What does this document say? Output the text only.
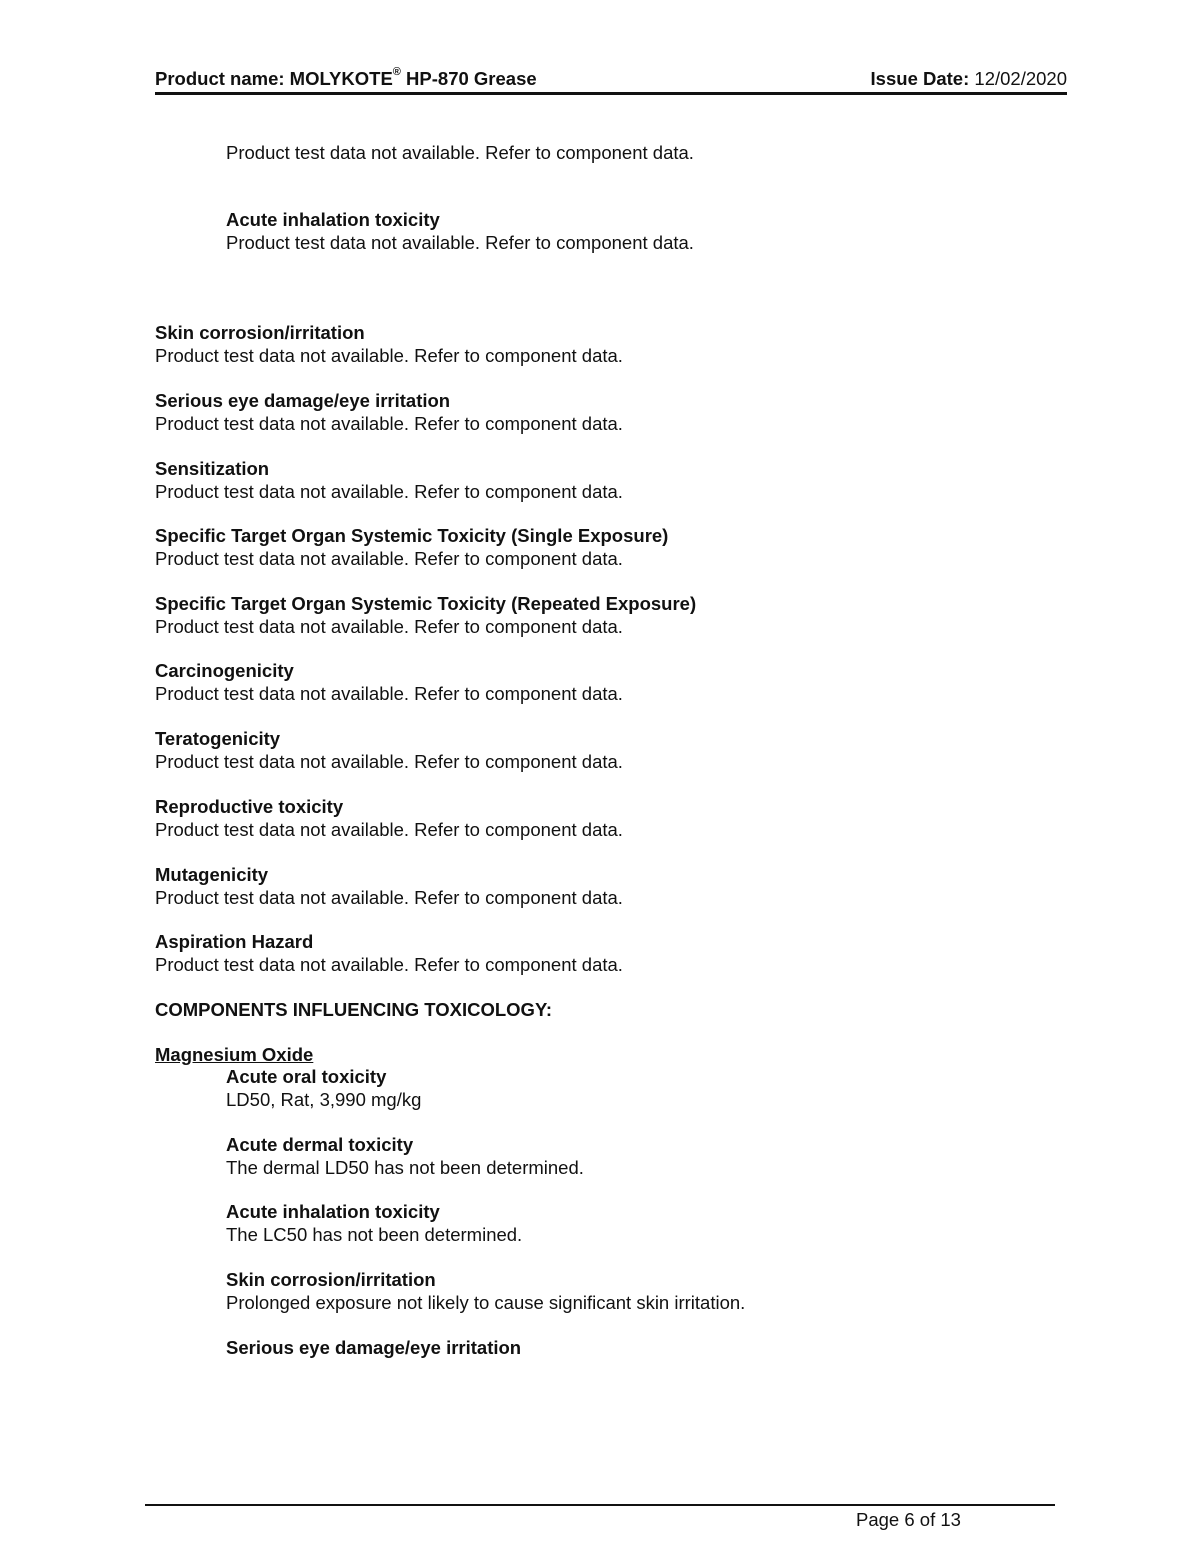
Product name: MOLYKOTE® HP-870 Grease	Issue Date: 12/02/2020
Product test data not available. Refer to component data.
Acute inhalation toxicity
Product test data not available. Refer to component data.
Skin corrosion/irritation
Product test data not available. Refer to component data.
Serious eye damage/eye irritation
Product test data not available. Refer to component data.
Sensitization
Product test data not available. Refer to component data.
Specific Target Organ Systemic Toxicity (Single Exposure)
Product test data not available. Refer to component data.
Specific Target Organ Systemic Toxicity (Repeated Exposure)
Product test data not available. Refer to component data.
Carcinogenicity
Product test data not available. Refer to component data.
Teratogenicity
Product test data not available. Refer to component data.
Reproductive toxicity
Product test data not available. Refer to component data.
Mutagenicity
Product test data not available. Refer to component data.
Aspiration Hazard
Product test data not available. Refer to component data.
COMPONENTS INFLUENCING TOXICOLOGY:
Magnesium Oxide
Acute oral toxicity
LD50, Rat, 3,990 mg/kg
Acute dermal toxicity
The dermal LD50 has not been determined.
Acute inhalation toxicity
The LC50 has not been determined.
Skin corrosion/irritation
Prolonged exposure not likely to cause significant skin irritation.
Serious eye damage/eye irritation
Page 6 of 13
